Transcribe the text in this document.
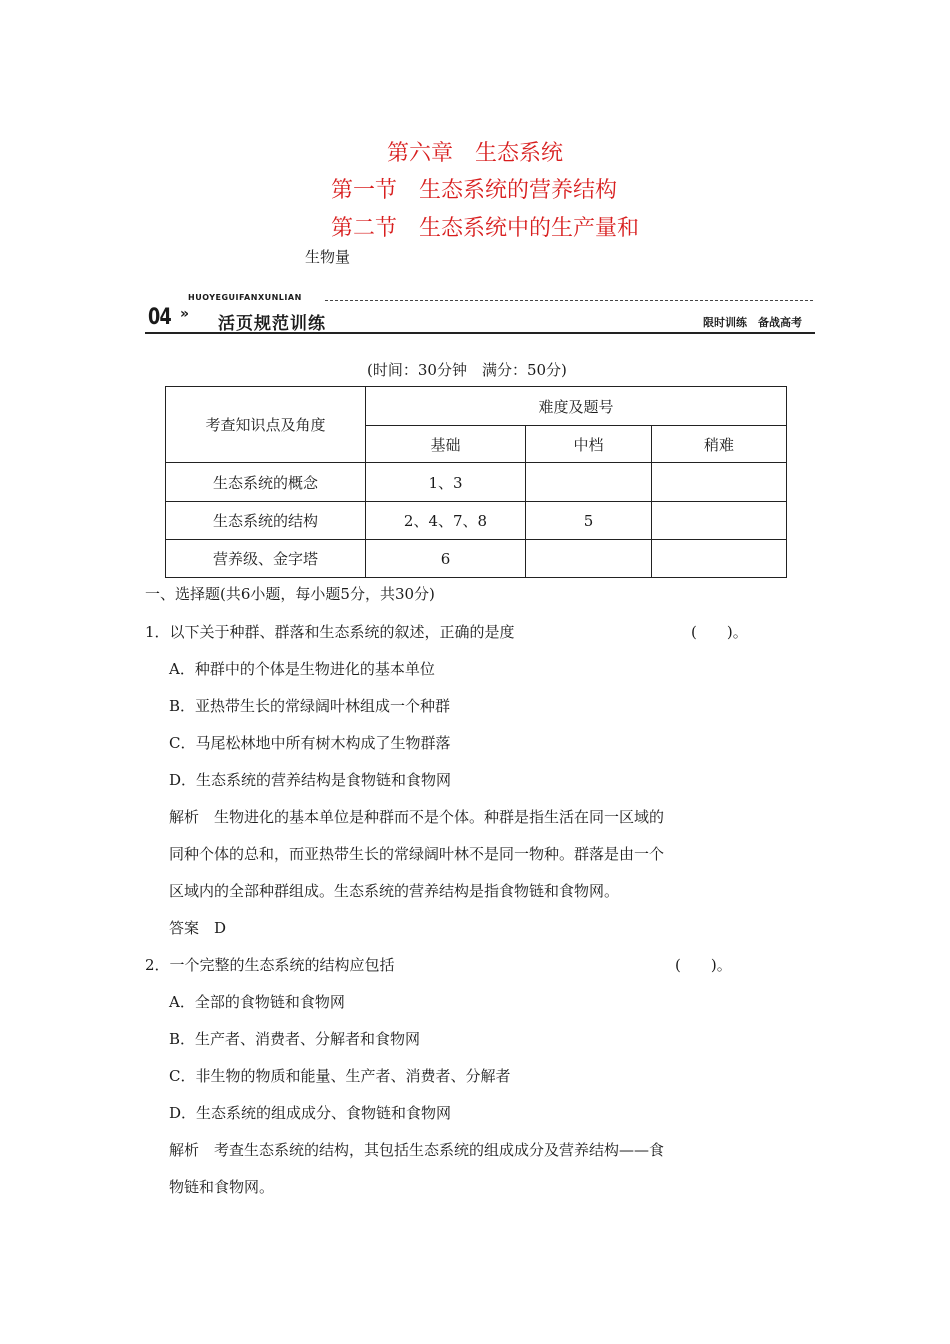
第六章　生态系统
第一节　生态系统的营养结构
第二节　生态系统中的生产量和
生物量
HUOYEGUIFANXUNLIAN
04 » 活页规范训练	限时训练　备战高考
(时间：30分钟　满分：50分)
考查知识点及角度	难度及题号		
	基础	中档	稍难
生态系统的概念	1、3		
生态系统的结构	2、4、7、8	5	
营养级、金字塔	6		
一、选择题(共6小题，每小题5分，共30分)
1．以下关于种群、群落和生态系统的叙述，正确的是度	(　　)。
A．种群中的个体是生物进化的基本单位
B．亚热带生长的常绿阔叶林组成一个种群
C．马尾松林地中所有树木构成了生物群落
D．生态系统的营养结构是食物链和食物网
解析　生物进化的基本单位是种群而不是个体。种群是指生活在同一区域的
同种个体的总和，而亚热带生长的常绿阔叶林不是同一物种。群落是由一个
区域内的全部种群组成。生态系统的营养结构是指食物链和食物网。
答案　D
2．一个完整的生态系统的结构应包括	(　　)。
A．全部的食物链和食物网
B．生产者、消费者、分解者和食物网
C．非生物的物质和能量、生产者、消费者、分解者
D．生态系统的组成成分、食物链和食物网
解析　考查生态系统的结构，其包括生态系统的组成成分及营养结构——食
物链和食物网。
